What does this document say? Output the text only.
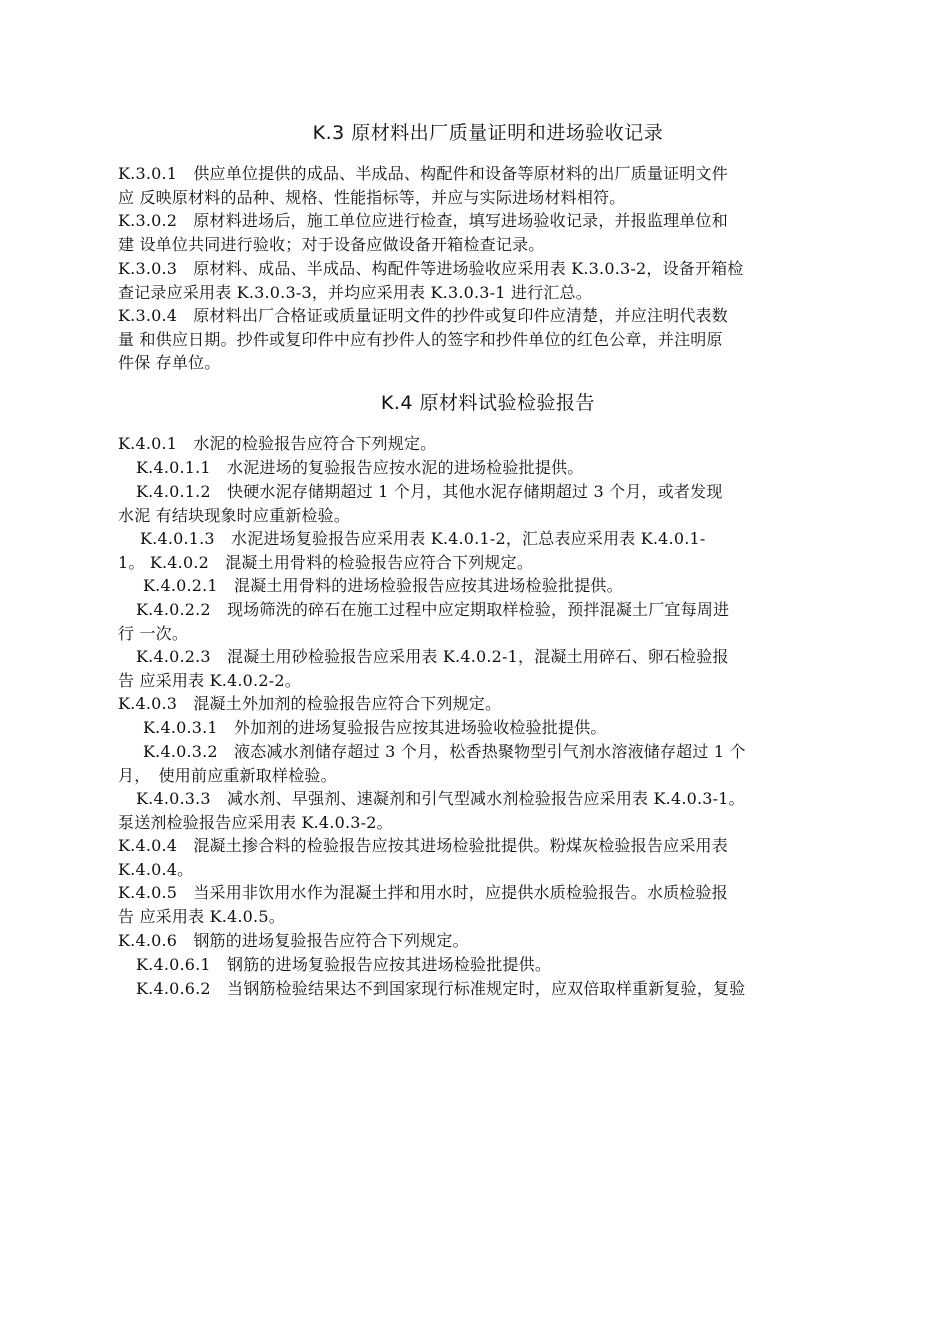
K.3 原材料出厂质量证明和进场验收记录
K.3.0.1　供应单位提供的成品、半成品、构配件和设备等原材料的出厂质量证明文件
应 反映原材料的品种、规格、性能指标等，并应与实际进场材料相符。
K.3.0.2　原材料进场后，施工单位应进行检查，填写进场验收记录，并报监理单位和
建 设单位共同进行验收；对于设备应做设备开箱检查记录。
K.3.0.3　原材料、成品、半成品、构配件等进场验收应采用表 K.3.0.3-2，设备开箱检
查记录应采用表 K.3.0.3-3，并均应采用表 K.3.0.3-1 进行汇总。
K.3.0.4　原材料出厂合格证或质量证明文件的抄件或复印件应清楚，并应注明代表数
量 和供应日期。抄件或复印件中应有抄件人的签字和抄件单位的红色公章，并注明原
件保 存单位。
K.4 原材料试验检验报告
K.4.0.1　水泥的检验报告应符合下列规定。
K.4.0.1.1　水泥进场的复验报告应按水泥的进场检验批提供。
K.4.0.1.2　快硬水泥存储期超过 1 个月，其他水泥存储期超过 3 个月，或者发现
水泥 有结块现象时应重新检验。
K.4.0.1.3　水泥进场复验报告应采用表 K.4.0.1-2，汇总表应采用表 K.4.0.1-
1。 K.4.0.2　混凝土用骨料的检验报告应符合下列规定。
K.4.0.2.1　混凝土用骨料的进场检验报告应按其进场检验批提供。
K.4.0.2.2　现场筛洗的碎石在施工过程中应定期取样检验，预拌混凝土厂宜每周进
行 一次。
K.4.0.2.3　混凝土用砂检验报告应采用表 K.4.0.2-1，混凝土用碎石、卵石检验报
告 应采用表 K.4.0.2-2。
K.4.0.3　混凝土外加剂的检验报告应符合下列规定。
K.4.0.3.1　外加剂的进场复验报告应按其进场验收检验批提供。
K.4.0.3.2　液态减水剂储存超过 3 个月，松香热聚物型引气剂水溶液储存超过 1 个
月，　使用前应重新取样检验。
K.4.0.3.3　减水剂、早强剂、速凝剂和引气型减水剂检验报告应采用表 K.4.0.3-1。
泵送剂检验报告应采用表 K.4.0.3-2。
K.4.0.4　混凝土掺合料的检验报告应按其进场检验批提供。粉煤灰检验报告应采用表
K.4.0.4。
K.4.0.5　当采用非饮用水作为混凝土拌和用水时，应提供水质检验报告。水质检验报
告 应采用表 K.4.0.5。
K.4.0.6　钢筋的进场复验报告应符合下列规定。
K.4.0.6.1　钢筋的进场复验报告应按其进场检验批提供。
K.4.0.6.2　当钢筋检验结果达不到国家现行标准规定时，应双倍取样重新复验，复验
